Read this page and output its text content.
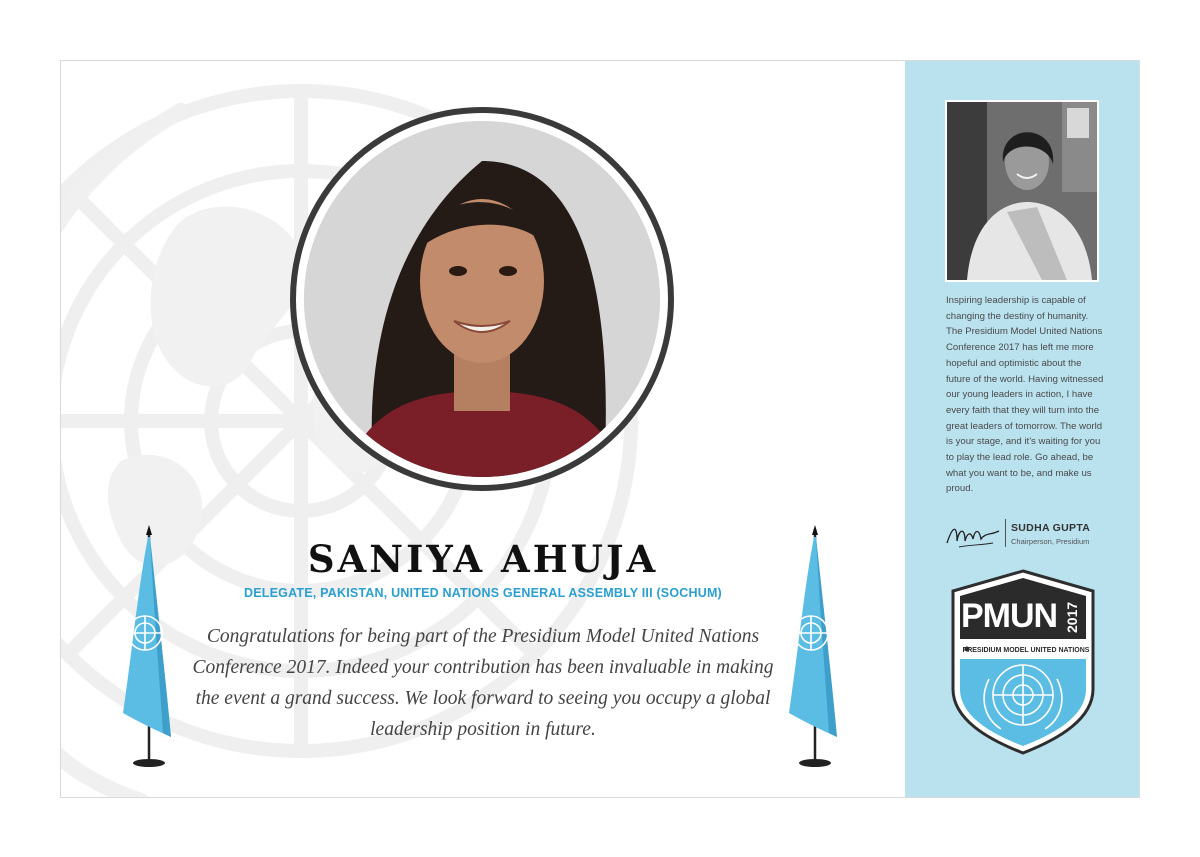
SANIYA AHUJA
DELEGATE, PAKISTAN, UNITED NATIONS GENERAL ASSEMBLY III (SOCHUM)
Congratulations for being part of the Presidium Model United Nations Conference 2017. Indeed your contribution has been invaluable in making the event a grand success. We look forward to seeing you occupy a global leadership position in future.

Inspiring leadership is capable of changing the destiny of humanity. The Presidium Model United Nations Conference 2017 has left me more hopeful and optimistic about the future of the world. Having witnessed our young leaders in action, I have every faith that they will turn into the great leaders of tomorrow. The world is your stage, and it's waiting for you to play the lead role. Go ahead, be what you want to be, and make us proud.

SUDHA GUPTA
Chairperson, Presidium
PMUN 2017
PRESIDIUM MODEL UNITED NATIONS
